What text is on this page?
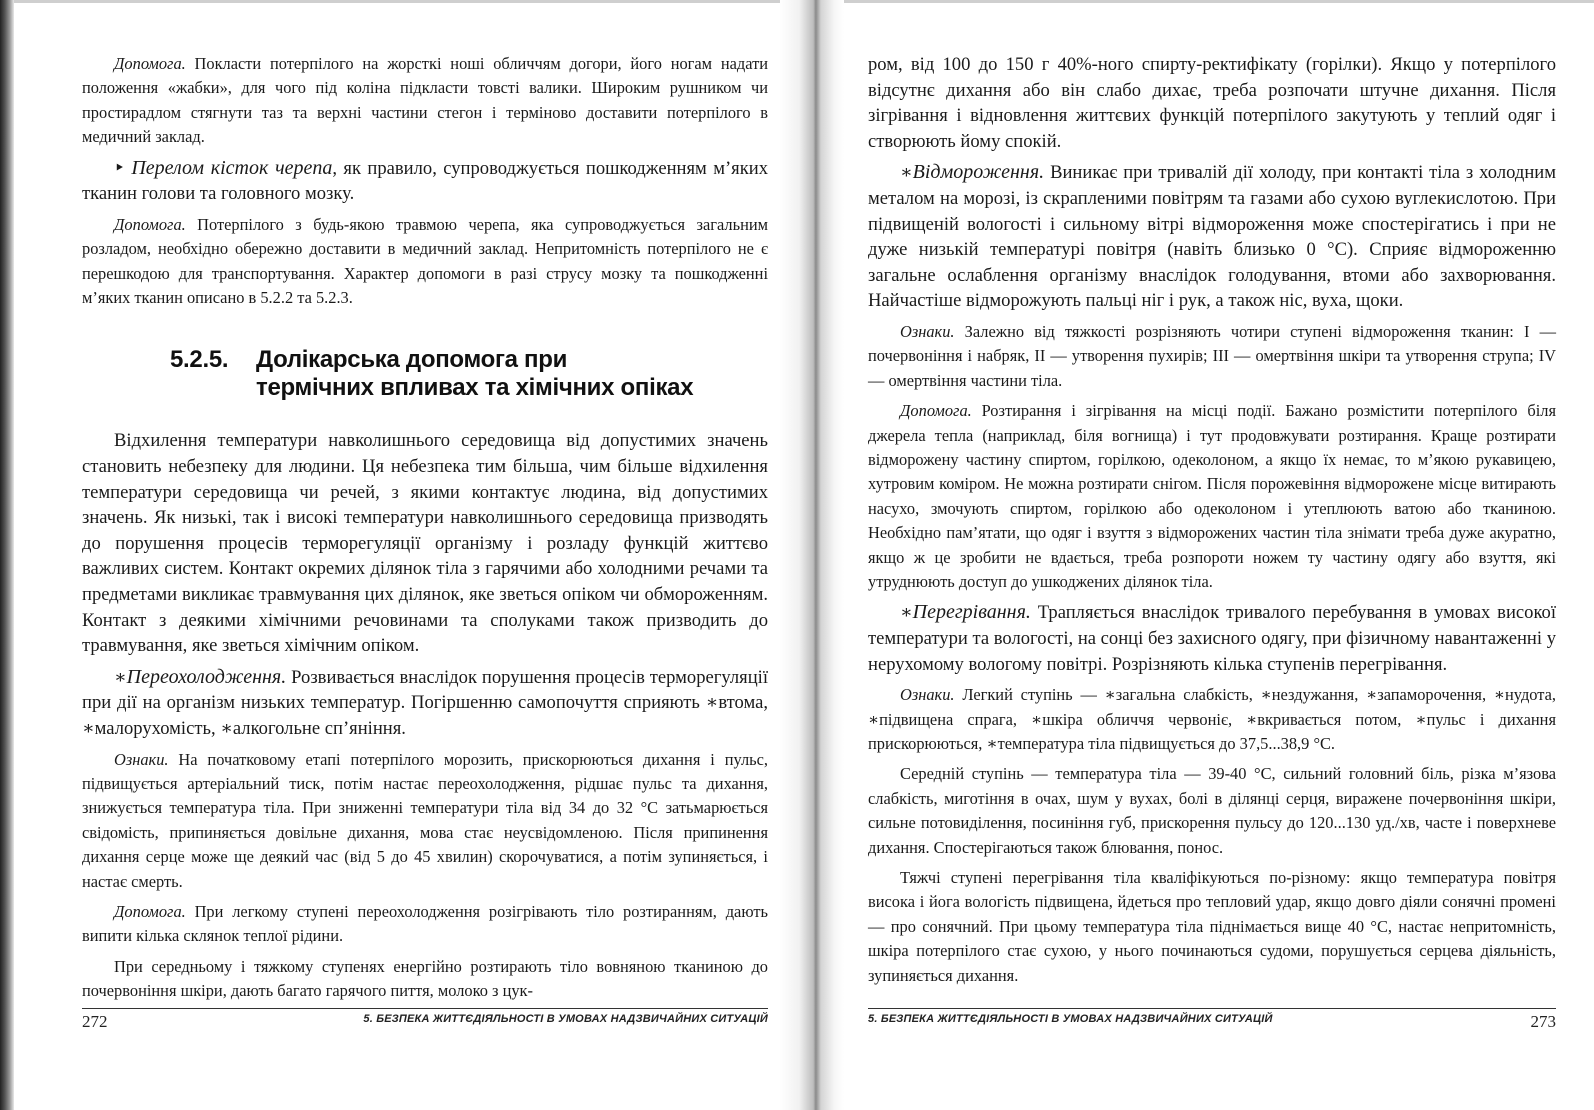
Допомога. Покласти потерпілого на жорсткі ноші обличчям догори, його ногам надати положення «жабки», для чого під коліна підкласти товсті валики. Широким рушником чи простирадлом стягнути таз та верхні частини стегон і терміново доставити потерпілого в медичний заклад.

‣ Перелом кісток черепа, як правило, супроводжується пошкодженням м’яких тканин голови та головного мозку.

Допомога. Потерпілого з будь-якою травмою черепа, яка супроводжується загальним розладом, необхідно обережно доставити в медичний заклад. Непритомність потерпілого не є перешкодою для транспортування. Характер допомоги в разі струсу мозку та пошкодженні м’яких тканин описано в 5.2.2 та 5.2.3.

5.2.5.	Долікарська допомога при
термічних впливах та хімічних опіках

Відхилення температури навколишнього середовища від допустимих значень становить небезпеку для людини. Ця небезпека тим більша, чим більше відхилення температури середовища чи речей, з якими контактує людина, від допустимих значень. Як низькі, так і високі температури навколишнього середовища призводять до порушення процесів терморегуляції організму і розладу функцій життєво важливих систем. Контакт окремих ділянок тіла з гарячими або холодними речами та предметами викликає травмування цих ділянок, яке зветься опіком чи обмороженням. Контакт з деякими хімічними речовинами та сполуками також призводить до травмування, яке зветься хімічним опіком.

∗Переохолодження. Розвивається внаслідок порушення процесів терморегуляції при дії на організм низьких температур. Погіршенню самопочуття сприяють ∗втома, ∗малорухомість, ∗алкогольне сп’яніння.

Ознаки. На початковому етапі потерпілого морозить, прискорюються дихання і пульс, підвищується артеріальний тиск, потім настає переохолодження, рідшає пульс та дихання, знижується температура тіла. При зниженні температури тіла від 34 до 32 °С затьмарюється свідомість, припиняється довільне дихання, мова стає неусвідомленою. Після припинення дихання серце може ще деякий час (від 5 до 45 хвилин) скорочуватися, а потім зупиняється, і настає смерть.

Допомога. При легкому ступені переохолодження розігрівають тіло розтиранням, дають випити кілька склянок теплої рідини.

При середньому і тяжкому ступенях енергійно розтирають тіло вовняною тканиною до почервоніння шкіри, дають багато гарячого пиття, молоко з цук-

272	5. БЕЗПЕКА ЖИТТЄДІЯЛЬНОСТІ В УМОВАХ НАДЗВИЧАЙНИХ СИТУАЦІЙ

ром, від 100 до 150 г 40%-ного спирту-ректифікату (горілки). Якщо у потерпілого відсутнє дихання або він слабо дихає, треба розпочати штучне дихання. Після зігрівання і відновлення життєвих функцій потерпілого закутують у теплий одяг і створюють йому спокій.

∗Відмороження. Виникає при тривалій дії холоду, при контакті тіла з холодним металом на морозі, із скрапленими повітрям та газами або сухою вуглекислотою. При підвищеній вологості і сильному вітрі відмороження може спостерігатись і при не дуже низькій температурі повітря (навіть близько 0 °С). Сприяє відмороженню загальне ослаблення організму внаслідок голодування, втоми або захворювання. Найчастіше відморожують пальці ніг і рук, а також ніс, вуха, щоки.

Ознаки. Залежно від тяжкості розрізняють чотири ступені відмороження тканин: I — почервоніння і набряк, II — утворення пухирів; III — омертвіння шкіри та утворення струпа; IV — омертвіння частини тіла.

Допомога. Розтирання і зігрівання на місці події. Бажано розмістити потерпілого біля джерела тепла (наприклад, біля вогнища) і тут продовжувати розтирання. Краще розтирати відморожену частину спиртом, горілкою, одеколоном, а якщо їх немає, то м’якою рукавицею, хутровим коміром. Не можна розтирати снігом. Після порожевіння відморожене місце витирають насухо, змочують спиртом, горілкою або одеколоном і утеплюють ватою або тканиною. Необхідно пам’ятати, що одяг і взуття з відморожених частин тіла знімати треба дуже акуратно, якщо ж це зробити не вдається, треба розпороти ножем ту частину одягу або взуття, які утруднюють доступ до ушкоджених ділянок тіла.

∗Перегрівання. Трапляється внаслідок тривалого перебування в умовах високої температури та вологості, на сонці без захисного одягу, при фізичному навантаженні у нерухомому вологому повітрі. Розрізняють кілька ступенів перегрівання.

Ознаки. Легкий ступінь — ∗загальна слабкість, ∗нездужання, ∗запаморочення, ∗нудота, ∗підвищена спрага, ∗шкіра обличчя червоніє, ∗вкривається потом, ∗пульс і дихання прискорюються, ∗температура тіла підвищується до 37,5...38,9 °С.

Середній ступінь — температура тіла — 39-40 °С, сильний головний біль, різка м’язова слабкість, миготіння в очах, шум у вухах, болі в ділянці серця, виражене почервоніння шкіри, сильне потовиділення, посиніння губ, прискорення пульсу до 120...130 уд./хв, часте і поверхневе дихання. Спостерігаються також блювання, понос.

Тяжчі ступені перегрівання тіла кваліфікуються по-різному: якщо температура повітря висока і йога вологість підвищена, йдеться про тепловий удар, якщо довго діяли сонячні промені — про сонячний. При цьому температура тіла піднімається вище 40 °С, настає непритомність, шкіра потерпілого стає сухою, у нього починаються судоми, порушується серцева діяльність, зупиняється дихання.

5. БЕЗПЕКА ЖИТТЄДІЯЛЬНОСТІ В УМОВАХ НАДЗВИЧАЙНИХ СИТУАЦІЙ	273
